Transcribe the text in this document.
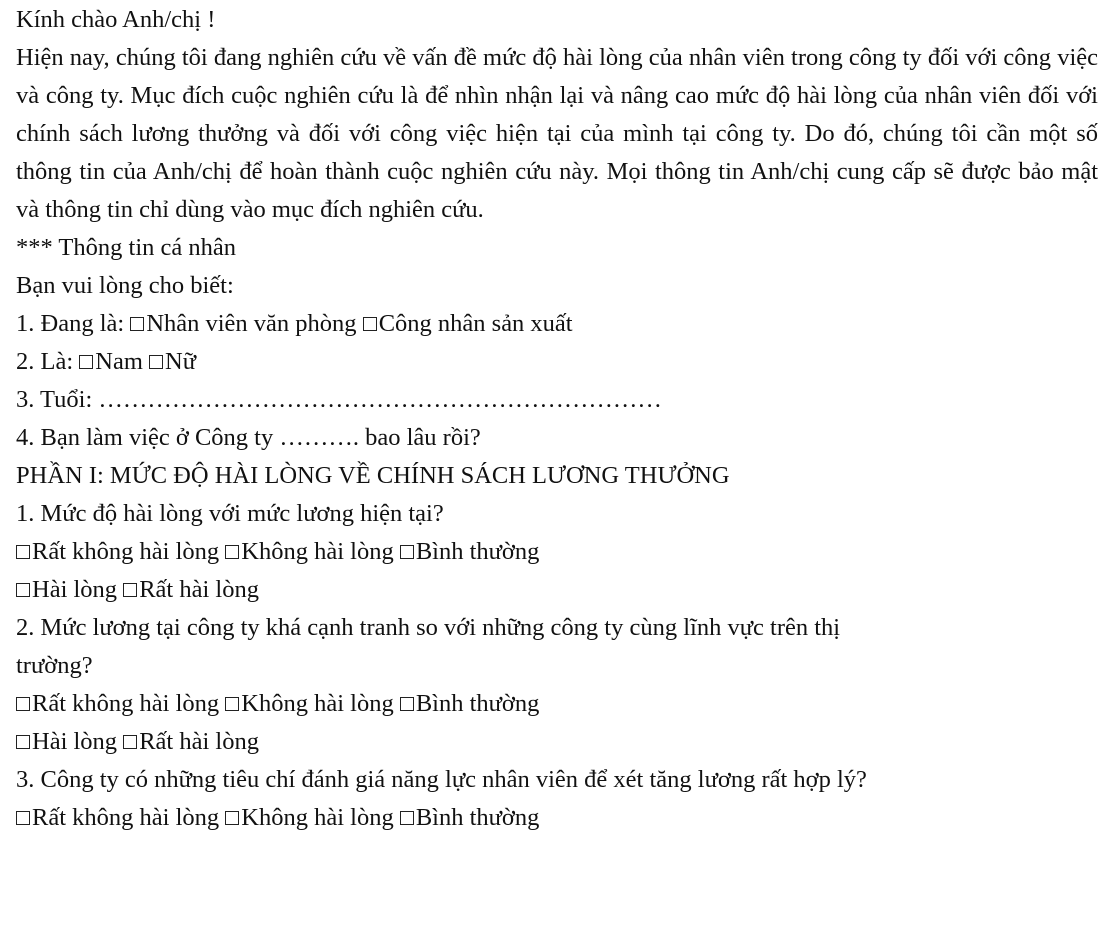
Kính chào Anh/chị !

Hiện nay, chúng tôi đang nghiên cứu về vấn đề mức độ hài lòng của nhân viên trong công ty đối với công việc và công ty. Mục đích cuộc nghiên cứu là để nhìn nhận lại và nâng cao mức độ hài lòng của nhân viên đối với chính sách lương thưởng và đối với công việc hiện tại của mình tại công ty. Do đó, chúng tôi cần một số thông tin của Anh/chị để hoàn thành cuộc nghiên cứu này. Mọi thông tin Anh/chị cung cấp sẽ được bảo mật và thông tin chỉ dùng vào mục đích nghiên cứu.

*** Thông tin cá nhân
Bạn vui lòng cho biết:
1. Đang là: Nhân viên văn phòng Công nhân sản xuất
2. Là: Nam Nữ
3. Tuổi: ……………………………………………………………
4. Bạn làm việc ở Công ty ………. bao lâu rồi?
PHẦN I: MỨC ĐỘ HÀI LÒNG VỀ CHÍNH SÁCH LƯƠNG THƯỞNG
1. Mức độ hài lòng với mức lương hiện tại?
Rất không hài lòng Không hài lòng Bình thường
Hài lòng Rất hài lòng
2. Mức lương tại công ty khá cạnh tranh so với những công ty cùng lĩnh vực trên thị
trường?
Rất không hài lòng Không hài lòng Bình thường
Hài lòng Rất hài lòng
3. Công ty có những tiêu chí đánh giá năng lực nhân viên để xét tăng lương rất hợp lý?
Rất không hài lòng Không hài lòng Bình thường
